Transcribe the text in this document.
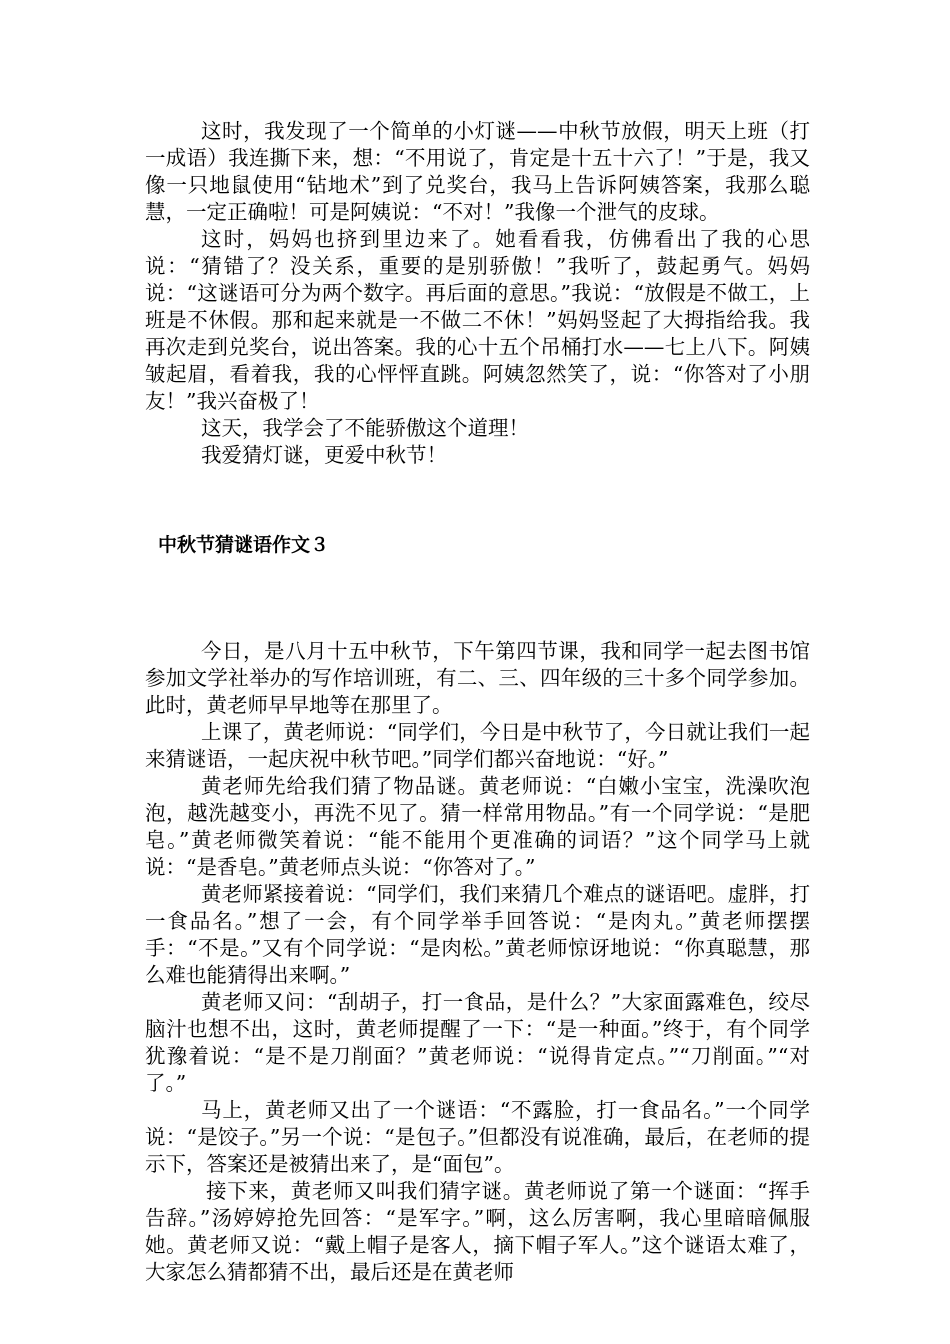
这时，我发现了一个简单的小灯谜——中秋节放假，明天上班（打一成语）我连撕下来，想：“不用说了，肯定是十五十六了！”于是，我又像一只地鼠使用“钻地术”到了兑奖台，我马上告诉阿姨答案，我那么聪慧，一定正确啦！可是阿姨说：“不对！”我像一个泄气的皮球。

这时，妈妈也挤到里边来了。她看看我，仿佛看出了我的心思说：“猜错了？没关系，重要的是别骄傲！”我听了，鼓起勇气。妈妈说：“这谜语可分为两个数字。再后面的意思。”我说：“放假是不做工，上班是不休假。那和起来就是一不做二不休！”妈妈竖起了大拇指给我。我再次走到兑奖台，说出答案。我的心十五个吊桶打水——七上八下。阿姨皱起眉，看着我，我的心怦怦直跳。阿姨忽然笑了，说：“你答对了小朋友！”我兴奋极了！

这天，我学会了不能骄傲这个道理！

我爱猜灯谜，更爱中秋节！

中秋节猜谜语作文３

今日，是八月十五中秋节，下午第四节课，我和同学一起去图书馆参加文学社举办的写作培训班，有二、三、四年级的三十多个同学参加。此时，黄老师早早地等在那里了。

上课了，黄老师说：“同学们，今日是中秋节了，今日就让我们一起来猜谜语，一起庆祝中秋节吧。”同学们都兴奋地说：“好。”

黄老师先给我们猜了物品谜。黄老师说：“白嫩小宝宝，洗澡吹泡泡，越洗越变小，再洗不见了。猜一样常用物品。”有一个同学说：“是肥皂。”黄老师微笑着说：“能不能用个更准确的词语？”这个同学马上就说：“是香皂。”黄老师点头说：“你答对了。”

黄老师紧接着说：“同学们，我们来猜几个难点的谜语吧。虚胖，打一食品名。”想了一会，有个同学举手回答说：“是肉丸。”黄老师摆摆手：“不是。”又有个同学说：“是肉松。”黄老师惊讶地说：“你真聪慧，那么难也能猜得出来啊。”

黄老师又问：“刮胡子，打一食品，是什么？”大家面露难色，绞尽脑汁也想不出，这时，黄老师提醒了一下：“是一种面。”终于，有个同学犹豫着说：“是不是刀削面？”黄老师说：“说得肯定点。”“刀削面。”“对了。”

马上，黄老师又出了一个谜语：“不露脸，打一食品名。”一个同学说：“是饺子。”另一个说：“是包子。”但都没有说准确，最后，在老师的提示下，答案还是被猜出来了，是“面包”。

接下来，黄老师又叫我们猜字谜。黄老师说了第一个谜面：“挥手告辞。”汤婷婷抢先回答：“是军字。”啊，这么厉害啊，我心里暗暗佩服她。黄老师又说：“戴上帽子是客人，摘下帽子军人。”这个谜语太难了，大家怎么猜都猜不出，最后还是在黄老师
